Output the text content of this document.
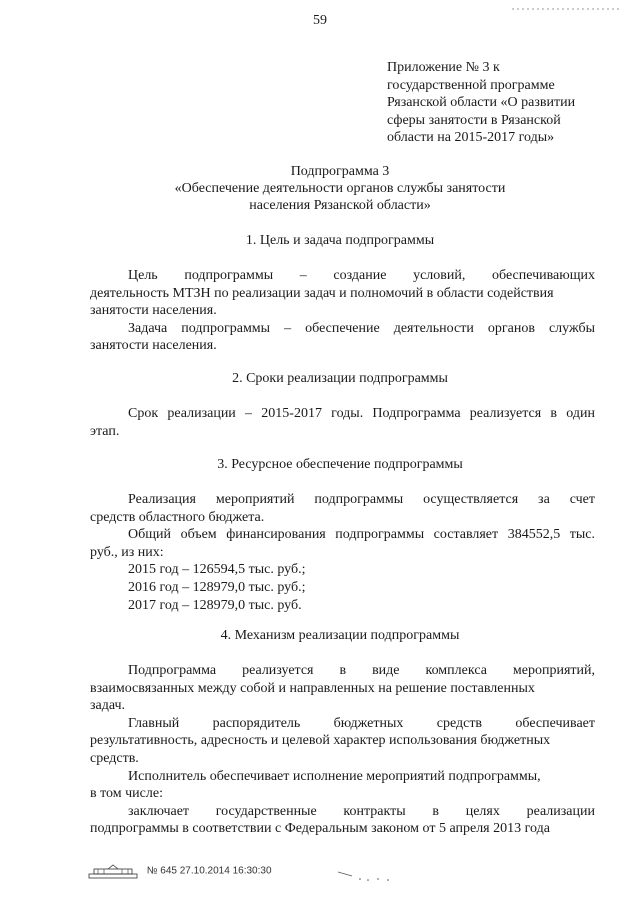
59
Приложение № 3 к
государственной программе
Рязанской области «О развитии
сферы занятости в Рязанской
области на 2015-2017 годы»
Подпрограмма 3
«Обеспечение деятельности органов службы занятости
населения Рязанской области»
1. Цель и задача подпрограммы
Цель подпрограммы – создание условий, обеспечивающих
деятельность МТЗН по реализации задач и полномочий в области содействия
занятости населения.
Задача подпрограммы – обеспечение деятельности органов службы
занятости населения.
2. Сроки реализации подпрограммы
Срок реализации – 2015-2017 годы. Подпрограмма реализуется в один
этап.
3. Ресурсное обеспечение подпрограммы
Реализация мероприятий подпрограммы осуществляется за счет
средств областного бюджета.
Общий объем финансирования подпрограммы составляет 384552,5 тыс.
руб., из них:
2015 год – 126594,5 тыс. руб.;
2016 год – 128979,0 тыс. руб.;
2017 год – 128979,0 тыс. руб.
4. Механизм реализации подпрограммы
Подпрограмма реализуется в виде комплекса мероприятий,
взаимосвязанных между собой и направленных на решение поставленных
задач.
Главный распорядитель бюджетных средств обеспечивает
результативность, адресность и целевой характер использования бюджетных
средств.
Исполнитель обеспечивает исполнение мероприятий подпрограммы,
в том числе:
заключает государственные контракты в целях реализации
подпрограммы в соответствии с Федеральным законом от 5 апреля 2013 года
№ 645 27.10.2014 16:30:30
